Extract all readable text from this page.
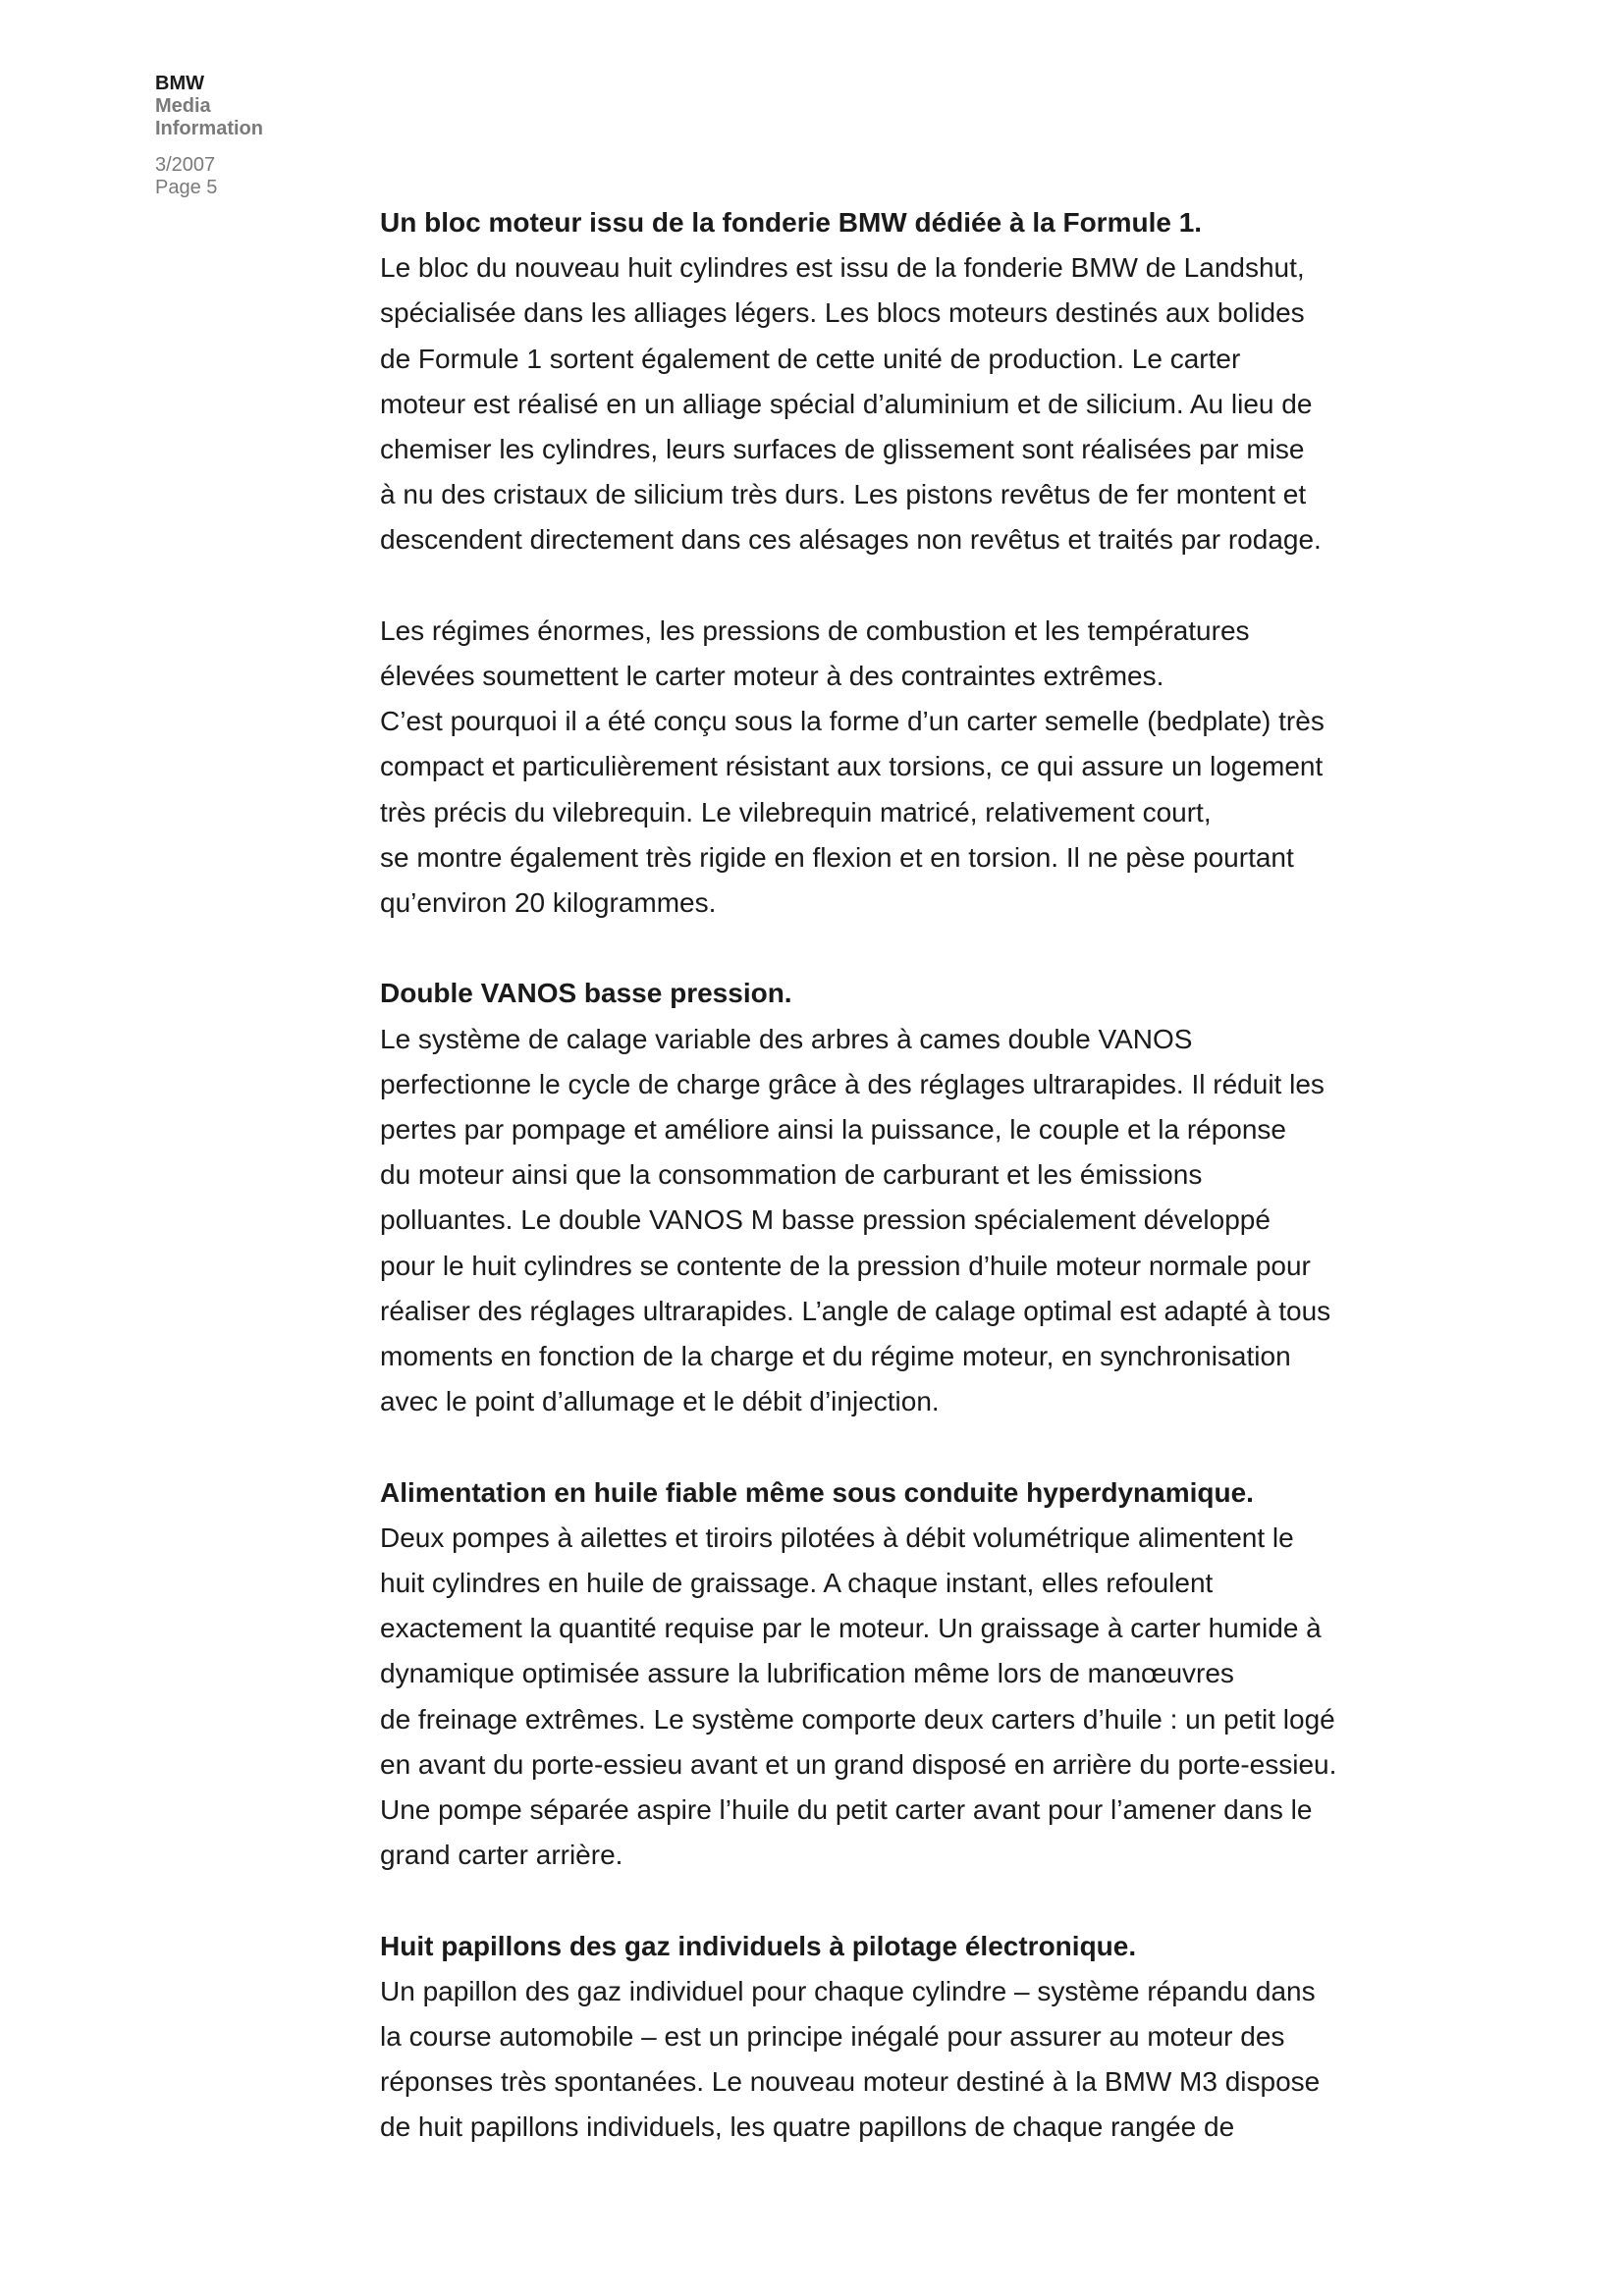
BMW
Media
Information
3/2007
Page 5
Un bloc moteur issu de la fonderie BMW dédiée à la Formule 1.
Le bloc du nouveau huit cylindres est issu de la fonderie BMW de Landshut,
spécialisée dans les alliages légers. Les blocs moteurs destinés aux bolides
de Formule 1 sortent également de cette unité de production. Le carter
moteur est réalisé en un alliage spécial d’aluminium et de silicium. Au lieu de
chemiser les cylindres, leurs surfaces de glissement sont réalisées par mise
à nu des cristaux de silicium très durs. Les pistons revêtus de fer montent et
descendent directement dans ces alésages non revêtus et traités par rodage.
Les régimes énormes, les pressions de combustion et les températures
élevées soumettent le carter moteur à des contraintes extrêmes.
C’est pourquoi il a été conçu sous la forme d’un carter semelle (bedplate) très
compact et particulièrement résistant aux torsions, ce qui assure un logement
très précis du vilebrequin. Le vilebrequin matricé, relativement court,
se montre également très rigide en flexion et en torsion. Il ne pèse pourtant
qu’environ 20 kilogrammes.
Double VANOS basse pression.
Le système de calage variable des arbres à cames double VANOS
perfectionne le cycle de charge grâce à des réglages ultrarapides. Il réduit les
pertes par pompage et améliore ainsi la puissance, le couple et la réponse
du moteur ainsi que la consommation de carburant et les émissions
polluantes. Le double VANOS M basse pression spécialement développé
pour le huit cylindres se contente de la pression d’huile moteur normale pour
réaliser des réglages ultrarapides. L’angle de calage optimal est adapté à tous
moments en fonction de la charge et du régime moteur, en synchronisation
avec le point d’allumage et le débit d’injection.
Alimentation en huile fiable même sous conduite hyperdynamique.
Deux pompes à ailettes et tiroirs pilotées à débit volumétrique alimentent le
huit cylindres en huile de graissage. A chaque instant, elles refoulent
exactement la quantité requise par le moteur. Un graissage à carter humide à
dynamique optimisée assure la lubrification même lors de manœuvres
de freinage extrêmes. Le système comporte deux carters d’huile : un petit logé
en avant du porte-essieu avant et un grand disposé en arrière du porte-essieu.
Une pompe séparée aspire l’huile du petit carter avant pour l’amener dans le
grand carter arrière.
Huit papillons des gaz individuels à pilotage électronique.
Un papillon des gaz individuel pour chaque cylindre – système répandu dans
la course automobile – est un principe inégalé pour assurer au moteur des
réponses très spontanées. Le nouveau moteur destiné à la BMW M3 dispose
de huit papillons individuels, les quatre papillons de chaque rangée de
